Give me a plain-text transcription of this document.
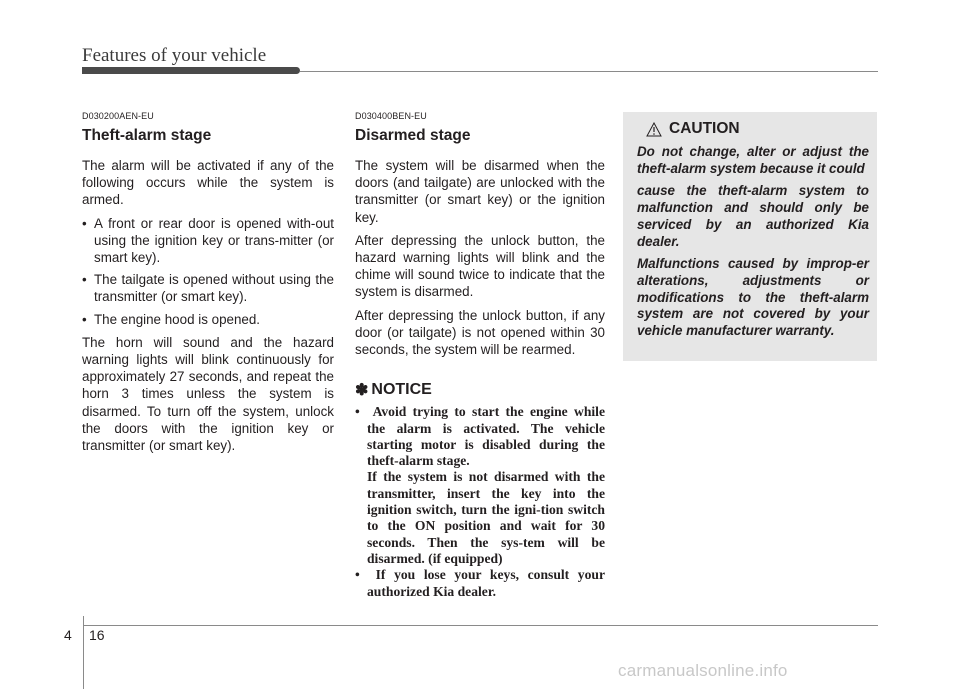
Features of your vehicle
D030200AEN-EU
Theft-alarm stage

The alarm will be activated if any of the following occurs while the system is armed.

• A front or rear door is opened with-out using the ignition key or trans-mitter (or smart key).
• The tailgate is opened without using the transmitter (or smart key).
• The engine hood is opened.

The horn will sound and the hazard warning lights will blink continuously for approximately 27 seconds, and repeat the horn 3 times unless the system is disarmed. To turn off the system, unlock the doors with the ignition key or transmitter (or smart key).

D030400BEN-EU
Disarmed stage

The system will be disarmed when the doors (and tailgate) are unlocked with the transmitter (or smart key) or the ignition key.

After depressing the unlock button, the hazard warning lights will blink and the chime will sound twice to indicate that the system is disarmed.

After depressing the unlock button, if any door (or tailgate) is not opened within 30 seconds, the system will be rearmed.

✽ NOTICE
• Avoid trying to start the engine while the alarm is activated. The vehicle starting motor is disabled during the theft-alarm stage.
If the system is not disarmed with the transmitter, insert the key into the ignition switch, turn the igni-tion switch to the ON position and wait for 30 seconds. Then the sys-tem will be disarmed. (if equipped)
• If you lose your keys, consult your authorized Kia dealer.
CAUTION

Do not change, alter or adjust the theft-alarm system because it could

cause the theft-alarm system to malfunction and should only be serviced by an authorized Kia dealer.

Malfunctions caused by improp-er alterations, adjustments or modifications to the theft-alarm system are not covered by your vehicle manufacturer warranty.

4 16
carmanualsonline.info
